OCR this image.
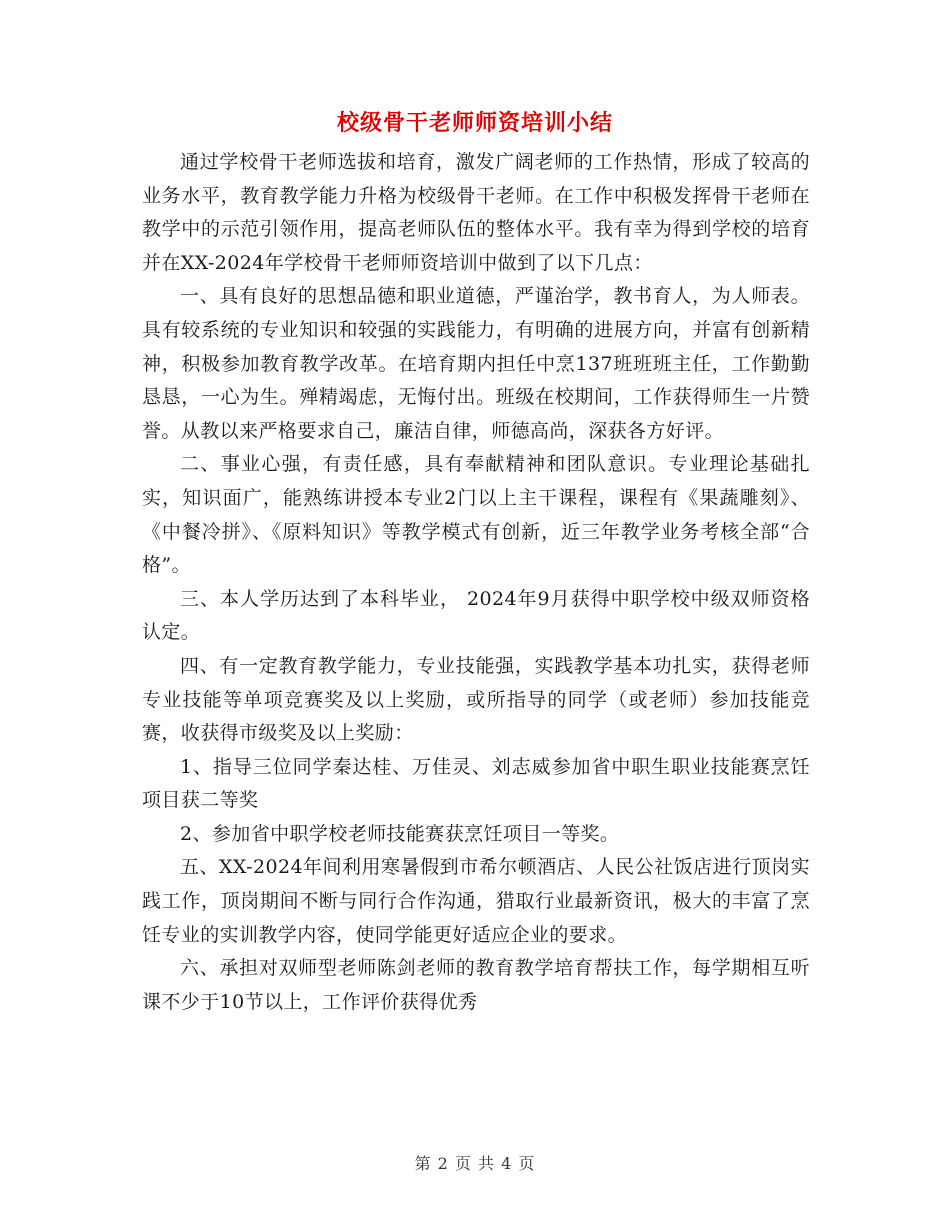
校级骨干老师师资培训小结

通过学校骨干老师选拔和培育，激发广阔老师的工作热情，形成了较高的业务水平，教育教学能力升格为校级骨干老师。在工作中积极发挥骨干老师在教学中的示范引领作用，提高老师队伍的整体水平。我有幸为得到学校的培育并在XX-2024年学校骨干老师师资培训中做到了以下几点：

一、具有良好的思想品德和职业道德，严谨治学，教书育人，为人师表。具有较系统的专业知识和较强的实践能力，有明确的进展方向，并富有创新精神，积极参加教育教学改革。在培育期内担任中烹137班班班主任，工作勤勤恳恳，一心为生。殚精竭虑，无悔付出。班级在校期间，工作获得师生一片赞誉。从教以来严格要求自己，廉洁自律，师德高尚，深获各方好评。

二、事业心强，有责任感，具有奉献精神和团队意识。专业理论基础扎实，知识面广，能熟练讲授本专业2门以上主干课程，课程有《果蔬雕刻》、《中餐冷拼》、《原料知识》等教学模式有创新，近三年教学业务考核全部“合格”。

三、本人学历达到了本科毕业， 2024年9月获得中职学校中级双师资格认定。

四、有一定教育教学能力，专业技能强，实践教学基本功扎实，获得老师专业技能等单项竞赛奖及以上奖励，或所指导的同学（或老师）参加技能竞赛，收获得市级奖及以上奖励：

1、指导三位同学秦达桂、万佳灵、刘志威参加省中职生职业技能赛烹饪项目获二等奖

2、参加省中职学校老师技能赛获烹饪项目一等奖。

五、XX-2024年间利用寒暑假到市希尔顿酒店、人民公社饭店进行顶岗实践工作，顶岗期间不断与同行合作沟通，猎取行业最新资讯，极大的丰富了烹饪专业的实训教学内容，使同学能更好适应企业的要求。

六、承担对双师型老师陈剑老师的教育教学培育帮扶工作，每学期相互听课不少于10节以上，工作评价获得优秀

第 2 页 共 4 页
